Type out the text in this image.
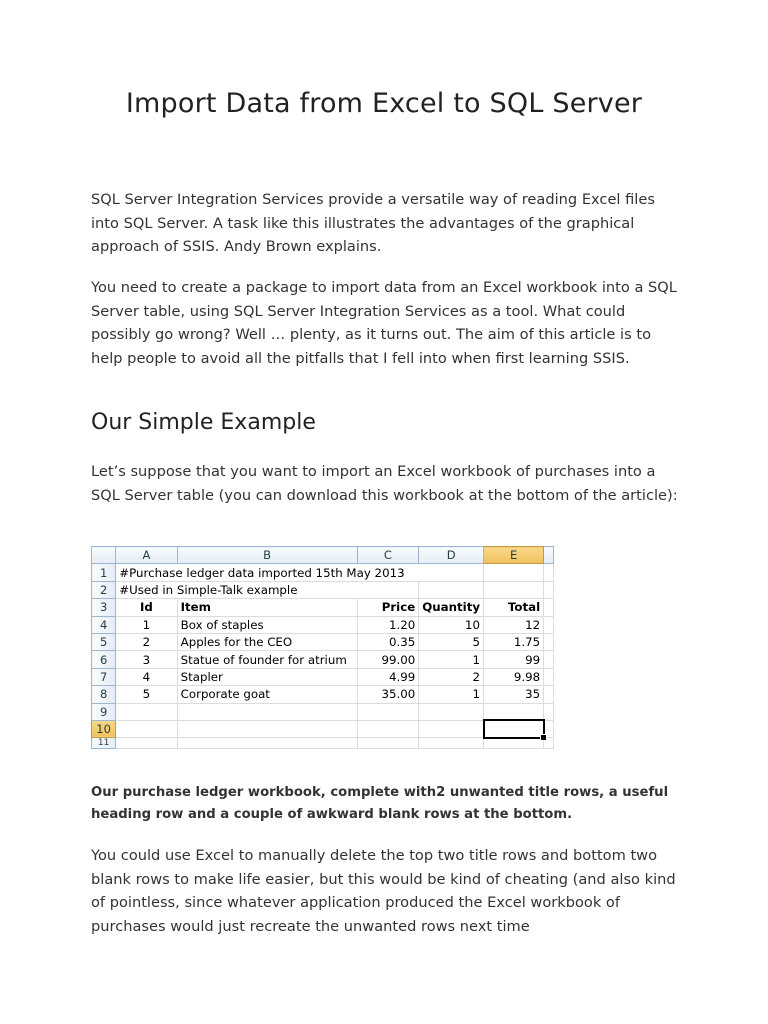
Import Data from Excel to SQL Server

SQL Server Integration Services provide a versatile way of reading Excel files into SQL Server. A task like this illustrates the advantages of the graphical approach of SSIS. Andy Brown explains.

You need to create a package to import data from an Excel workbook into a SQL Server table, using SQL Server Integration Services as a tool. What could possibly go wrong? Well … plenty, as it turns out. The aim of this article is to help people to avoid all the pitfalls that I fell into when first learning SSIS.

Our Simple Example

Let’s suppose that you want to import an Excel workbook of purchases into a SQL Server table (you can download this workbook at the bottom of the article):

	A	B	C	D	E	
1	#Purchase ledger data imported 15th May 2013					
2	#Used in Simple-Talk example					
3	Id	Item	Price	Quantity	Total	
4	1	Box of staples	1.20	10	12	
5	2	Apples for the CEO	0.35	5	1.75	
6	3	Statue of founder for atrium	99.00	1	99	
7	4	Stapler	4.99	2	9.98	
8	5	Corporate goat	35.00	1	35	
9						
10						
11						

Our purchase ledger workbook, complete with2 unwanted title rows, a useful heading row and a couple of awkward blank rows at the bottom.

You could use Excel to manually delete the top two title rows and bottom two blank rows to make life easier, but this would be kind of cheating (and also kind of pointless, since whatever application produced the Excel workbook of purchases would just recreate the unwanted rows next time
